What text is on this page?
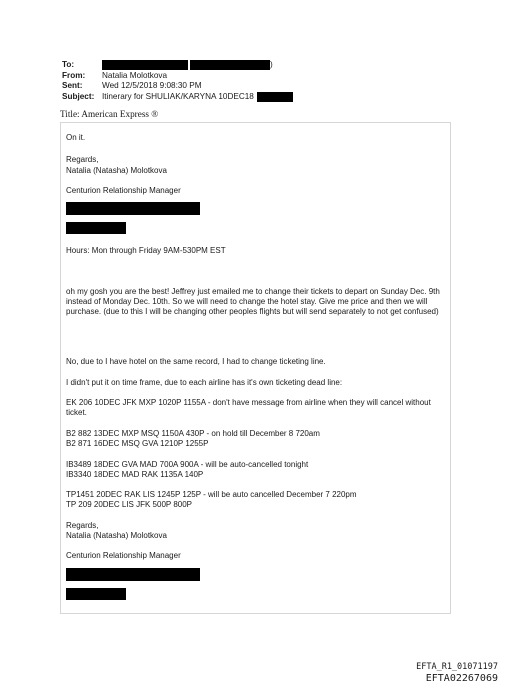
To:	)
From:	Natalia Molotkova
Sent:	Wed 12/5/2018 9:08:30 PM
Subject: Itinerary for SHULIAK/KARYNA 10DEC18
Title: American Express ®
On it.
Regards,
Natalia (Natasha) Molotkova
Centurion Relationship Manager
Hours: Mon through Friday 9AM-530PM EST
oh my gosh you are the best! Jeffrey just emailed me to change their tickets to depart on Sunday Dec. 9th instead of Monday Dec. 10th. So we will need to change the hotel stay. Give me price and then we will purchase. (due to this I will be changing other peoples flights but will send separately to not get confused)
No, due to I have hotel on the same record, I had to change ticketing line.
I didn't put it on time frame, due to each airline has it's own ticketing dead line:
EK 206 10DEC JFK MXP 1020P 1155A - don't have message from airline when they will cancel without ticket.
B2 882 13DEC MXP MSQ 1150A 430P - on hold till December 8 720am
B2 871 16DEC MSQ GVA 1210P 1255P
IB3489 18DEC GVA MAD 700A 900A - will be auto-cancelled tonight
IB3340 18DEC MAD RAK 1135A 140P
TP1451 20DEC RAK LIS 1245P 125P - will be auto cancelled December 7 220pm
TP 209 20DEC LIS JFK 500P 800P
Regards,
Natalia (Natasha) Molotkova
Centurion Relationship Manager
EFTA_R1_01071197
EFTA02267069
